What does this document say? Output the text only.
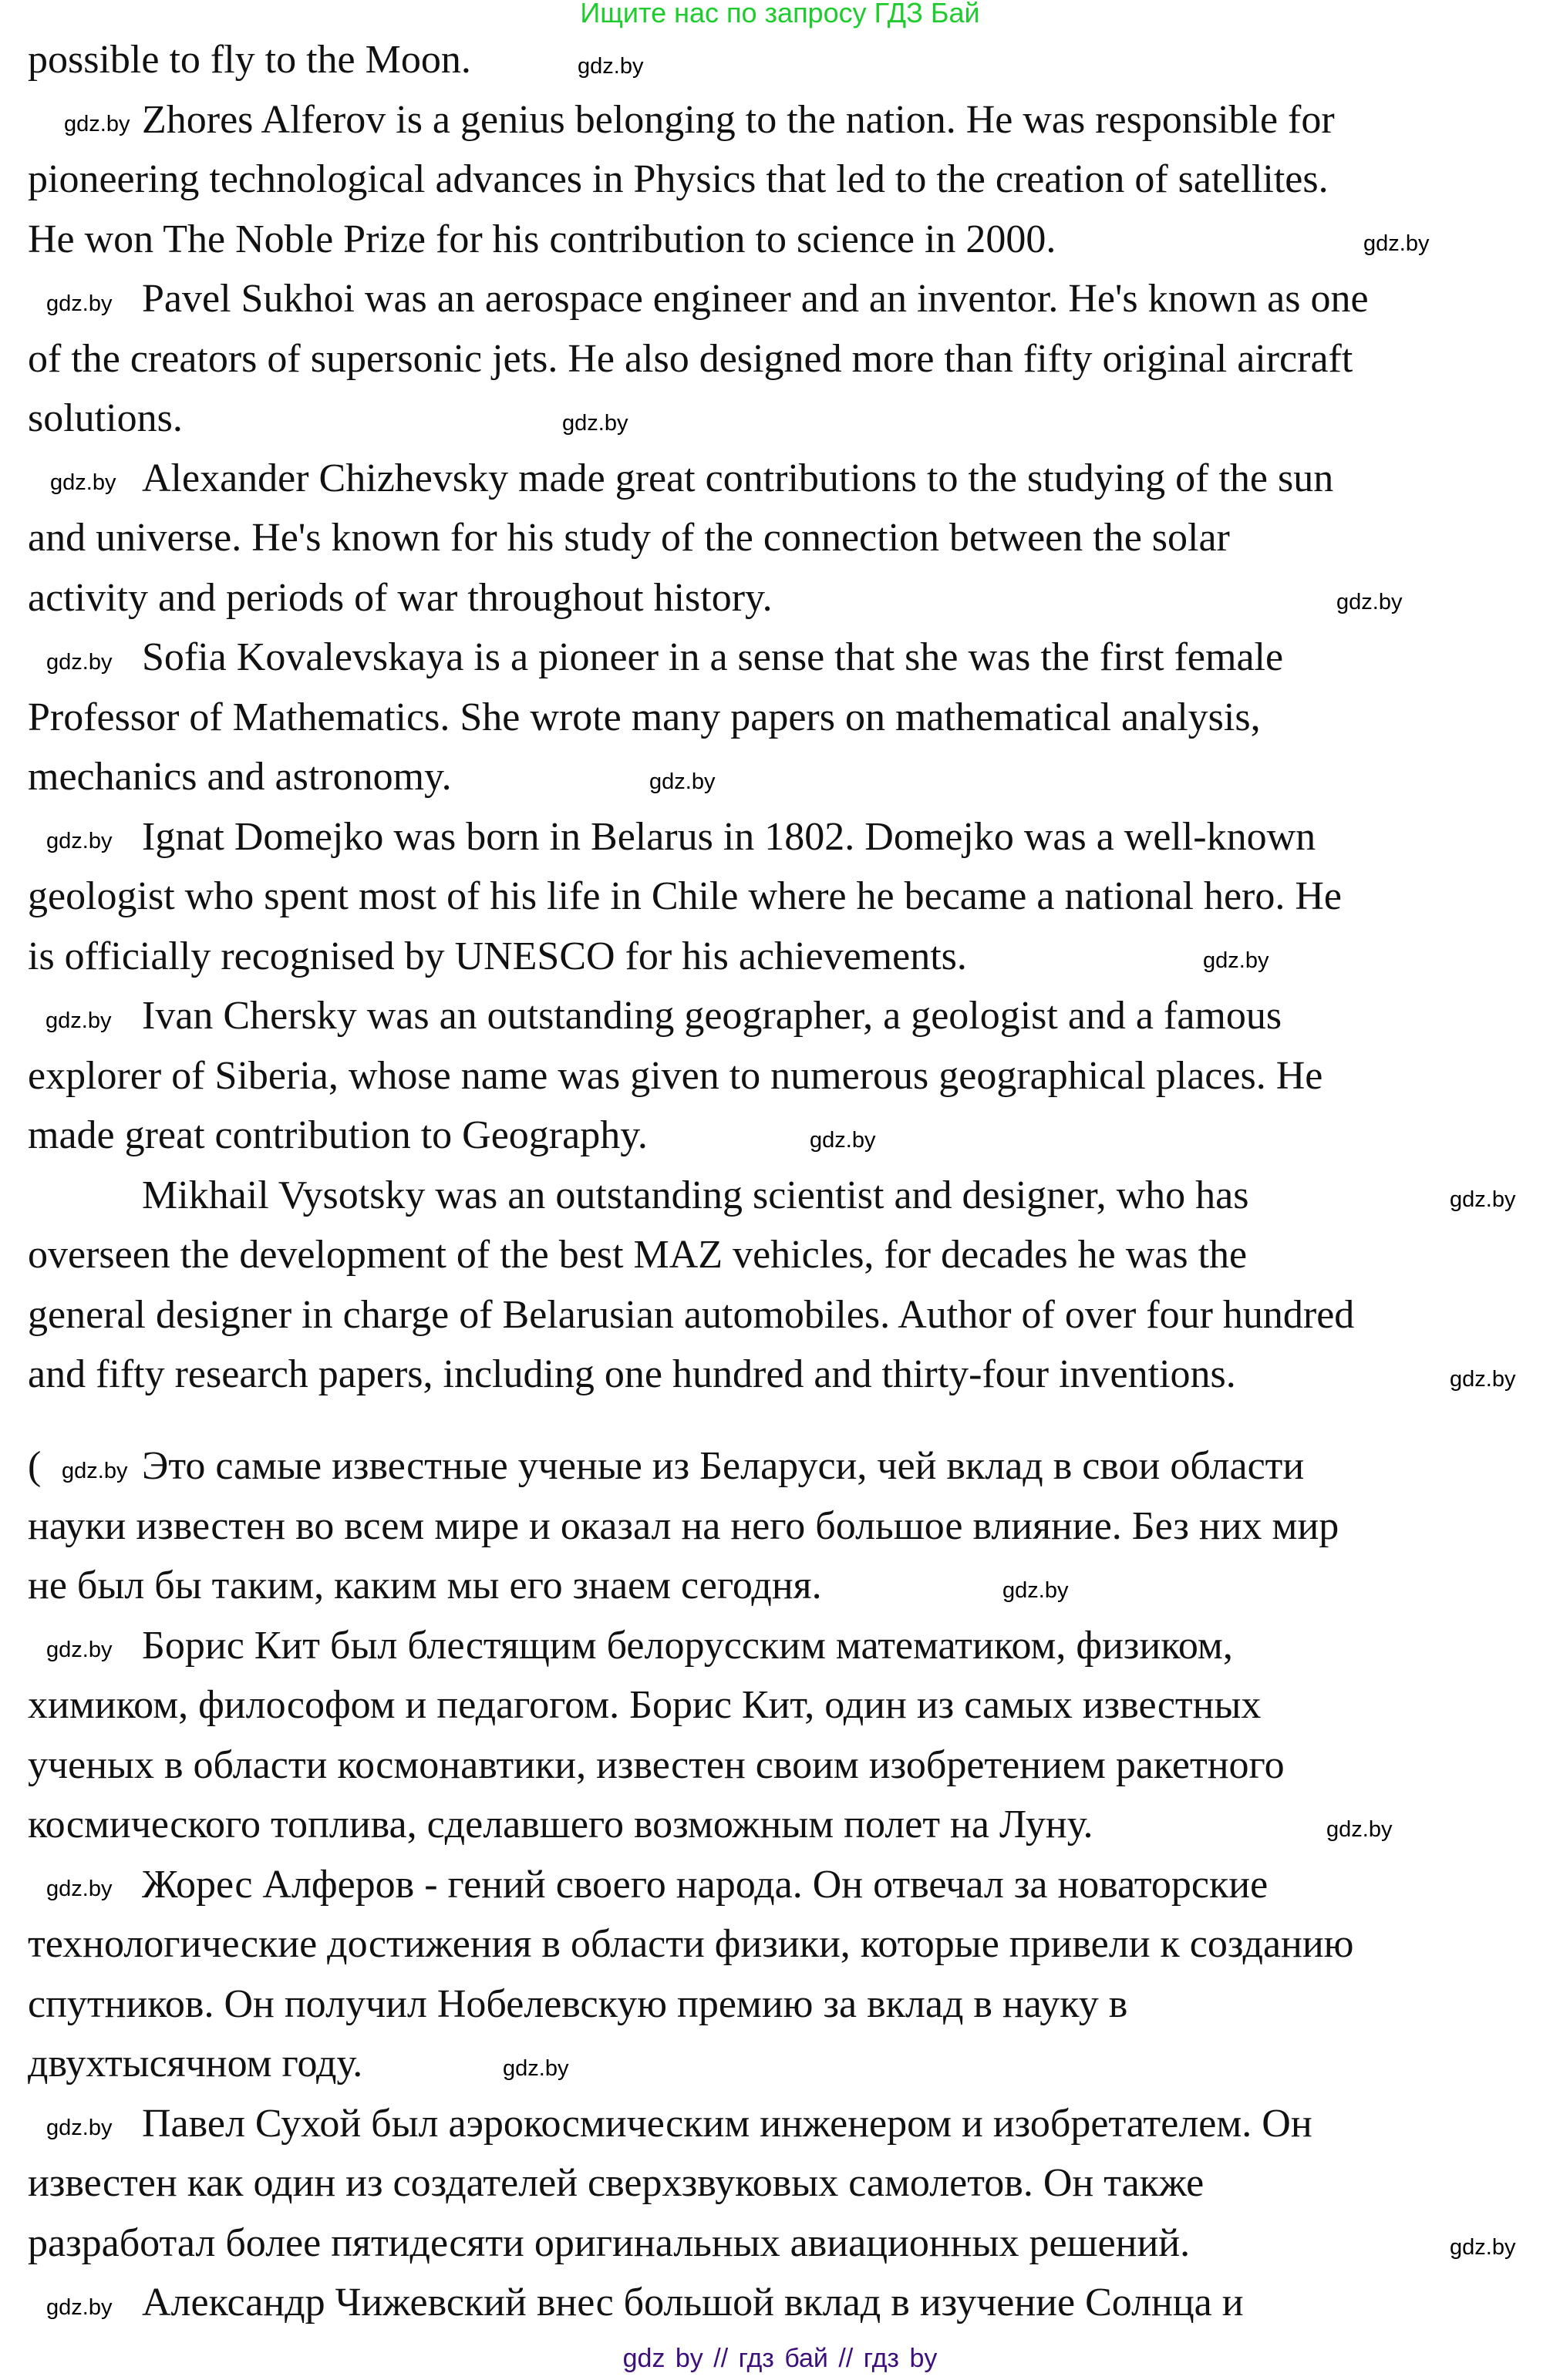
Ищите нас по запросу ГДЗ Бай
possible to fly to the Moon.
Zhores Alferov is a genius belonging to the nation. He was responsible for
pioneering technological advances in Physics that led to the creation of satellites.
He won The Noble Prize for his contribution to science in 2000.
Pavel Sukhoi was an aerospace engineer and an inventor. He's known as one
of the creators of supersonic jets. He also designed more than fifty original aircraft
solutions.
Alexander Chizhevsky made great contributions to the studying of the sun
and universe. He's known for his study of the connection between the solar
activity and periods of war throughout history.
Sofia Kovalevskaya is a pioneer in a sense that she was the first female
Professor of Mathematics. She wrote many papers on mathematical analysis,
mechanics and astronomy.
Ignat Domejko was born in Belarus in 1802. Domejko was a well-known
geologist who spent most of his life in Chile where he became a national hero. He
is officially recognised by UNESCO for his achievements.
Ivan Chersky was an outstanding geographer, a geologist and a famous
explorer of Siberia, whose name was given to numerous geographical places. He
made great contribution to Geography.
Mikhail Vysotsky was an outstanding scientist and designer, who has
overseen the development of the best MAZ vehicles, for decades he was the
general designer in charge of Belarusian automobiles. Author of over four hundred
and fifty research papers, including one hundred and thirty-four inventions.
Это самые известные ученые из Беларуси, чей вклад в свои области
науки известен во всем мире и оказал на него большое влияние. Без них мир
не был бы таким, каким мы его знаем сегодня.
Борис Кит был блестящим белорусским математиком, физиком,
химиком, философом и педагогом. Борис Кит, один из самых известных
ученых в области космонавтики, известен своим изобретением ракетного
космического топлива, сделавшего возможным полет на Луну.
Жорес Алферов - гений своего народа. Он отвечал за новаторские
технологические достижения в области физики, которые привели к созданию
спутников. Он получил Нобелевскую премию за вклад в науку в
двухтысячном году.
Павел Сухой был аэрокосмическим инженером и изобретателем. Он
известен как один из создателей сверхзвуковых самолетов. Он также
разработал более пятидесяти оригинальных авиационных решений.
Александр Чижевский внес большой вклад в изучение Солнца и
(
gdz.by
gdz.by
gdz.by
gdz.by
gdz.by
gdz.by
gdz.by
gdz.by
gdz.by
gdz.by
gdz.by
gdz.by
gdz.by
gdz.by
gdz.by
gdz.by
gdz.by
gdz.by
gdz.by
gdz.by
gdz.by
gdz.by
gdz.by
gdz.by
gdz by // гдз бай // гдз by
